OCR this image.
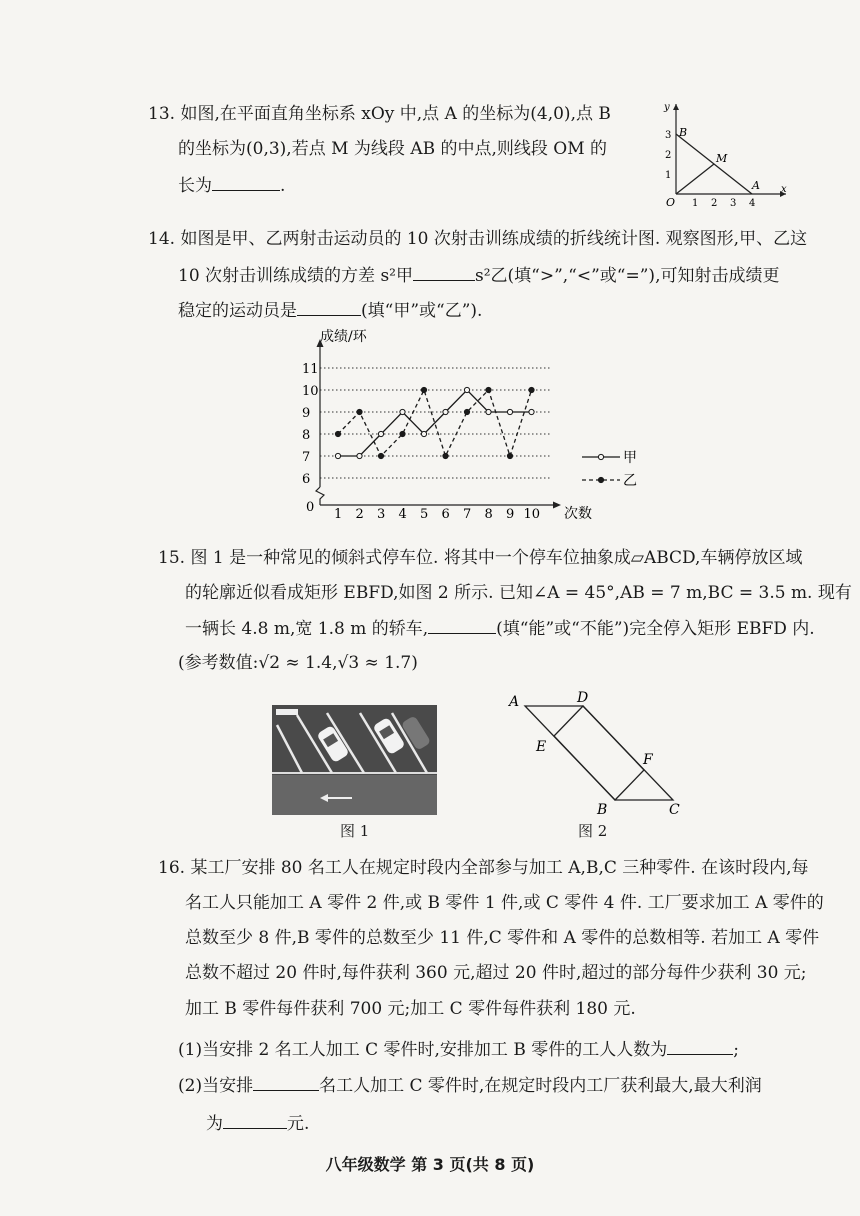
13. 如图,在平面直角坐标系 xOy 中,点 A 的坐标为(4,0),点 B
的坐标为(0,3),若点 M 为线段 AB 的中点,则线段 OM 的
长为	.	x
y
O 1 2 3 4
1
2
3 B
M
A
14. 如图是甲、乙两射击运动员的 10 次射击训练成绩的折线统计图. 观察图形,甲、乙这
10 次射击训练成绩的方差 s²甲	s²乙(填“>”,“<”或“=”),可知射击成绩更
稳定的运动员是	(填“甲”或“乙”).
6
7
8
9
10
11
0
成绩/环
次数
1 2 3 4 5 6 7 8 9 10
甲
乙
15. 图 1 是一种常见的倾斜式停车位. 将其中一个停车位抽象成▱ABCD,车辆停放区域
的轮廓近似看成矩形 EBFD,如图 2 所示. 已知∠A = 45°,AB = 7 m,BC = 3.5 m. 现有
一辆长 4.8 m,宽 1.8 m 的轿车,	(填“能”或“不能”)完全停入矩形 EBFD 内.
(参考数值:√2 ≈ 1.4,√3 ≈ 1.7)
图 1
A	D
E
F
B	C
图 2
16. 某工厂安排 80 名工人在规定时段内全部参与加工 A,B,C 三种零件. 在该时段内,每
名工人只能加工 A 零件 2 件,或 B 零件 1 件,或 C 零件 4 件. 工厂要求加工 A 零件的
总数至少 8 件,B 零件的总数至少 11 件,C 零件和 A 零件的总数相等. 若加工 A 零件
总数不超过 20 件时,每件获利 360 元,超过 20 件时,超过的部分每件少获利 30 元;
加工 B 零件每件获利 700 元;加工 C 零件每件获利 180 元.
(1)当安排 2 名工人加工 C 零件时,安排加工 B 零件的工人人数为	;
(2)当安排	名工人加工 C 零件时,在规定时段内工厂获利最大,最大利润
为	元.
八年级数学 第 3 页(共 8 页)
